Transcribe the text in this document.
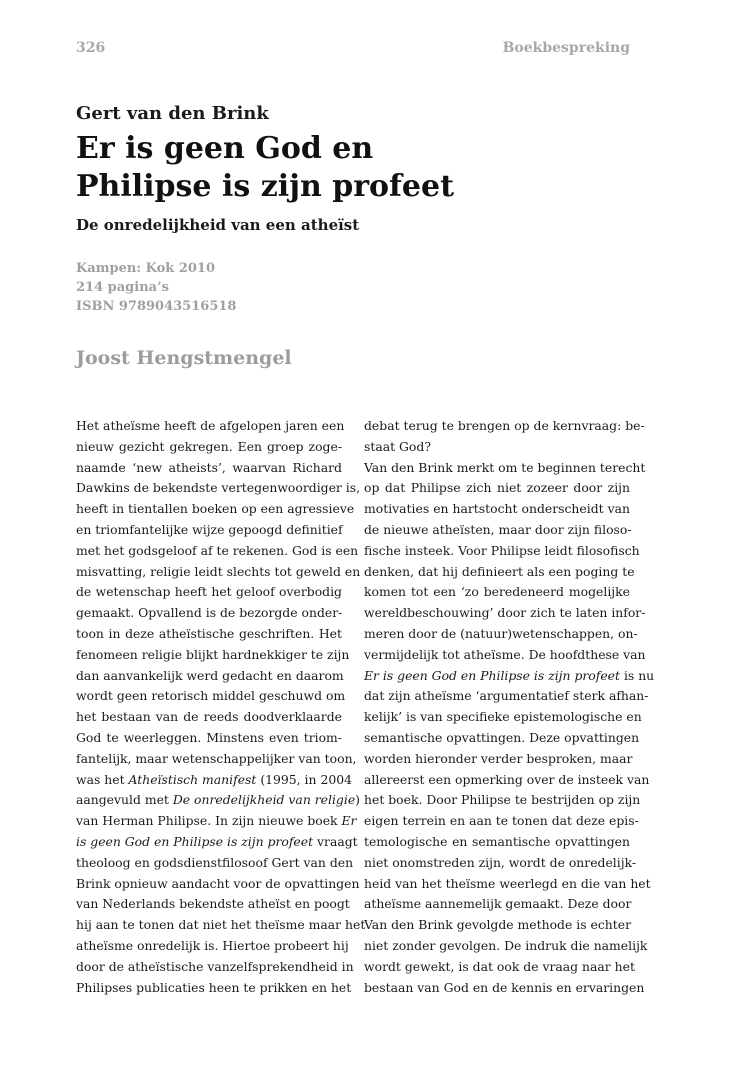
326	Boekbespreking
Gert van den Brink
Er is geen God en
Philipse is zijn profeet
De onredelijkheid van een atheïst
Kampen: Kok 2010
214 pagina’s
ISBN 9789043516518
Joost Hengstmengel
Het atheïsme heeft de afgelopen jaren een
nieuw gezicht gekregen. Een groep zoge-
naamde ‘new atheists’, waarvan Richard
Dawkins de bekendste vertegenwoordiger is,
heeft in tientallen boeken op een agressieve
en triomfantelijke wijze gepoogd definitief
met het godsgeloof af te rekenen. God is een
misvatting, religie leidt slechts tot geweld en
de wetenschap heeft het geloof overbodig
gemaakt. Opvallend is de bezorgde onder-
toon in deze atheïstische geschriften. Het
fenomeen religie blijkt hardnekkiger te zijn
dan aanvankelijk werd gedacht en daarom
wordt geen retorisch middel geschuwd om
het bestaan van de reeds doodverklaarde
God te weerleggen. Minstens even triom-
fantelijk, maar wetenschappelijker van toon,
was het Atheïstisch manifest (1995, in 2004
aangevuld met De onredelijkheid van religie)
van Herman Philipse. In zijn nieuwe boek Er
is geen God en Philipse is zijn profeet vraagt
theoloog en godsdienstfilosoof Gert van den
Brink opnieuw aandacht voor de opvattingen
van Nederlands bekendste atheïst en poogt
hij aan te tonen dat niet het theïsme maar het
atheïsme onredelijk is. Hiertoe probeert hij
door de atheïstische vanzelfsprekendheid in
Philipses publicaties heen te prikken en het
debat terug te brengen op de kernvraag: be-
staat God?
Van den Brink merkt om te beginnen terecht
op dat Philipse zich niet zozeer door zijn
motivaties en hartstocht onderscheidt van
de nieuwe atheïsten, maar door zijn filoso-
fische insteek. Voor Philipse leidt filosofisch
denken, dat hij definieert als een poging te
komen tot een ‘zo beredeneerd mogelijke
wereldbeschouwing’ door zich te laten infor-
meren door de (natuur)wetenschappen, on-
vermijdelijk tot atheïsme. De hoofdthese van
Er is geen God en Philipse is zijn profeet is nu
dat zijn atheïsme ‘argumentatief sterk afhan-
kelijk’ is van specifieke epistemologische en
semantische opvattingen. Deze opvattingen
worden hieronder verder besproken, maar
allereerst een opmerking over de insteek van
het boek. Door Philipse te bestrijden op zijn
eigen terrein en aan te tonen dat deze epis-
temologische en semantische opvattingen
niet onomstreden zijn, wordt de onredelijk-
heid van het theïsme weerlegd en die van het
atheïsme aannemelijk gemaakt. Deze door
Van den Brink gevolgde methode is echter
niet zonder gevolgen. De indruk die namelijk
wordt gewekt, is dat ook de vraag naar het
bestaan van God en de kennis en ervaringen
